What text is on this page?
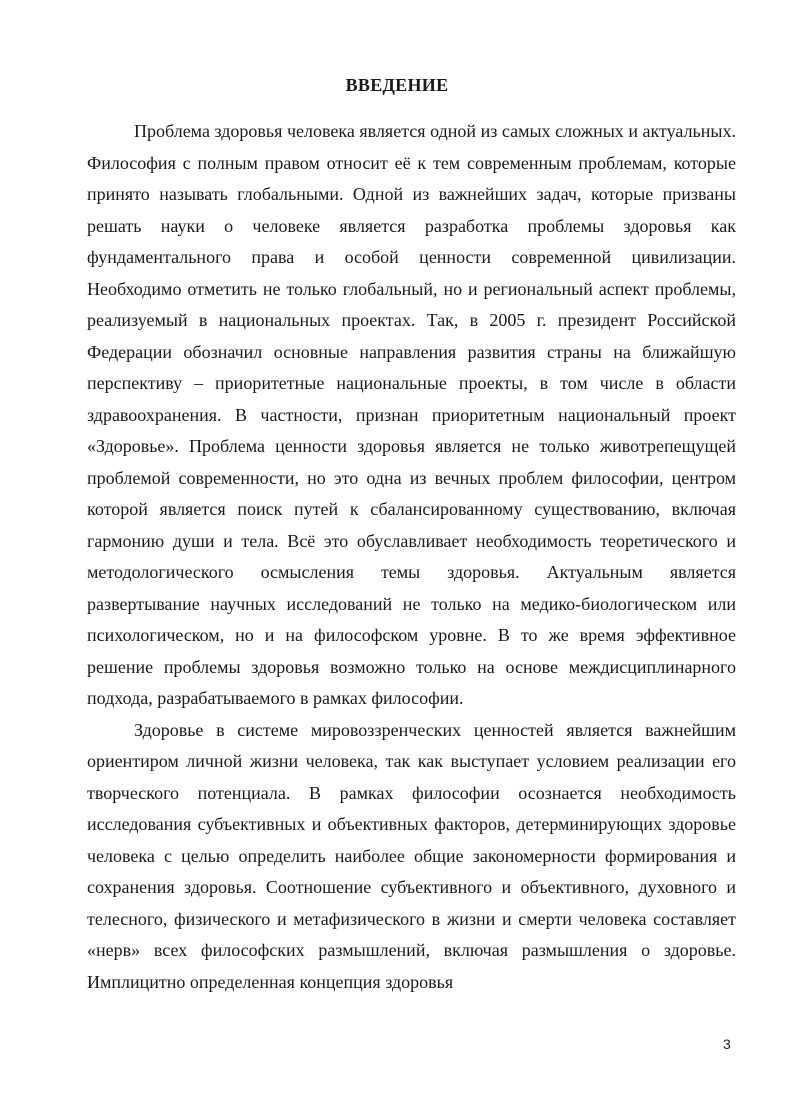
ВВЕДЕНИЕ

Проблема здоровья человека является одной из самых сложных и актуальных. Философия с полным правом относит её к тем современным проблемам, которые принято называть глобальными. Одной из важнейших задач, которые призваны решать науки о человеке является разработка проблемы здоровья как фундаментального права и особой ценности современной цивилизации. Необходимо отметить не только глобальный, но и региональный аспект проблемы, реализуемый в национальных проектах. Так, в 2005 г. президент Российской Федерации обозначил основные направления развития страны на ближайшую перспективу – приоритетные национальные проекты, в том числе в области здравоохранения. В частности, признан приоритетным национальный проект «Здоровье». Проблема ценности здоровья является не только животрепещущей проблемой современности, но это одна из вечных проблем философии, центром которой является поиск путей к сбалансированному существованию, включая гармонию души и тела. Всё это обуславливает необходимость теоретического и методологического осмысления темы здоровья. Актуальным является развертывание научных исследований не только на медико-биологическом или психологическом, но и на философском уровне. В то же время эффективное решение проблемы здоровья возможно только на основе междисциплинарного подхода, разрабатываемого в рамках философии.

Здоровье в системе мировоззренческих ценностей является важнейшим ориентиром личной жизни человека, так как выступает условием реализации его творческого потенциала. В рамках философии осознается необходимость исследования субъективных и объективных факторов, детерминирующих здоровье человека с целью определить наиболее общие закономерности формирования и сохранения здоровья. Соотношение субъективного и объективного, духовного и телесного, физического и метафизического в жизни и смерти человека составляет «нерв» всех философских размышлений, включая размышления о здоровье. Имплицитно определенная концепция здоровья

3
